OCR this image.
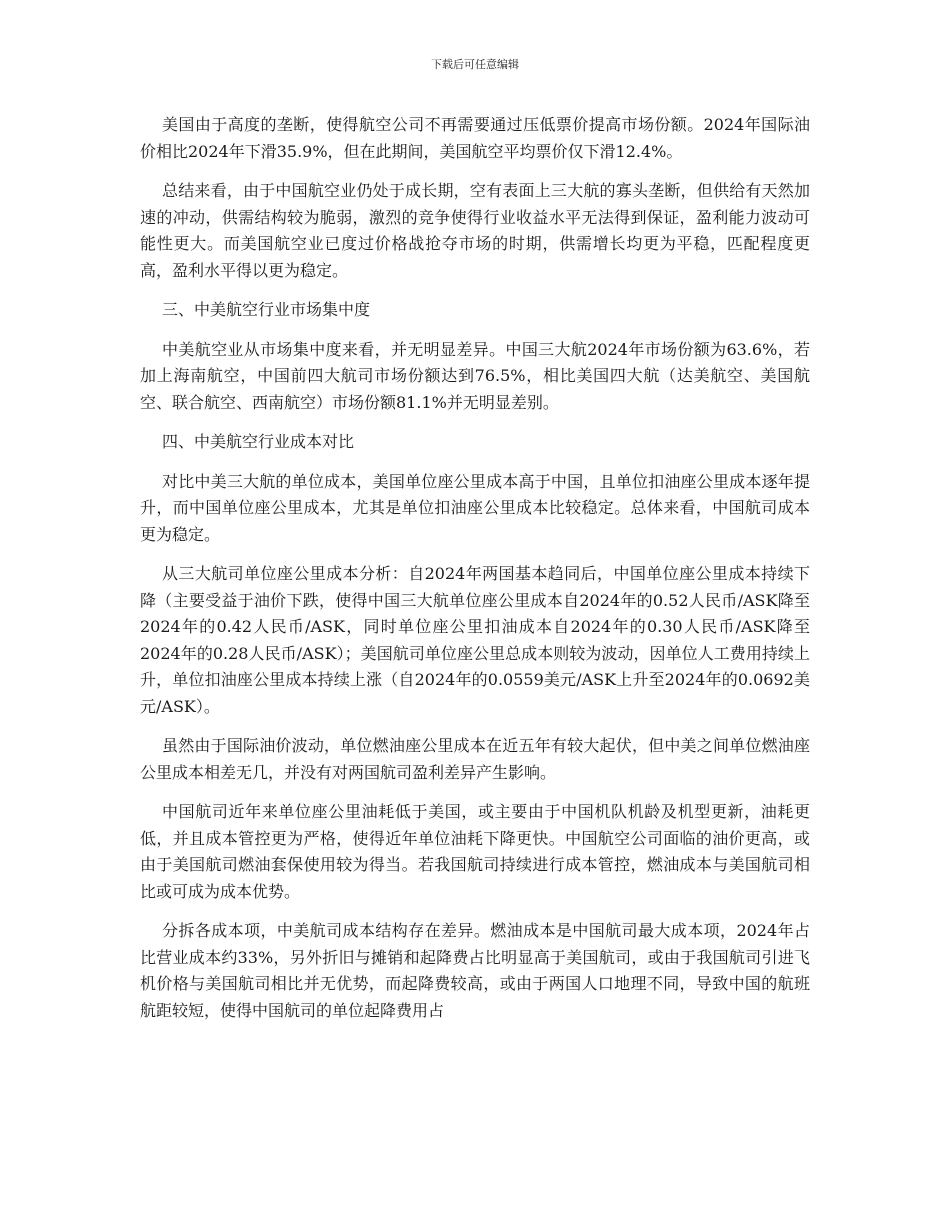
下载后可任意编辑

美国由于高度的垄断，使得航空公司不再需要通过压低票价提高市场份额。2024年国际油价相比2024年下滑35.9%，但在此期间，美国航空平均票价仅下滑12.4%。

总结来看，由于中国航空业仍处于成长期，空有表面上三大航的寡头垄断，但供给有天然加速的冲动，供需结构较为脆弱，激烈的竞争使得行业收益水平无法得到保证，盈利能力波动可能性更大。而美国航空业已度过价格战抢夺市场的时期，供需增长均更为平稳，匹配程度更高，盈利水平得以更为稳定。

三、中美航空行业市场集中度

中美航空业从市场集中度来看，并无明显差异。中国三大航2024年市场份额为63.6%，若加上海南航空，中国前四大航司市场份额达到76.5%，相比美国四大航（达美航空、美国航空、联合航空、西南航空）市场份额81.1%并无明显差别。

四、中美航空行业成本对比

对比中美三大航的单位成本，美国单位座公里成本高于中国，且单位扣油座公里成本逐年提升，而中国单位座公里成本，尤其是单位扣油座公里成本比较稳定。总体来看，中国航司成本更为稳定。

从三大航司单位座公里成本分析：自2024年两国基本趋同后，中国单位座公里成本持续下降（主要受益于油价下跌，使得中国三大航单位座公里成本自2024年的0.52人民币/ASK降至2024年的0.42人民币/ASK，同时单位座公里扣油成本自2024年的0.30人民币/ASK降至2024年的0.28人民币/ASK）；美国航司单位座公里总成本则较为波动，因单位人工费用持续上升，单位扣油座公里成本持续上涨（自2024年的0.0559美元/ASK上升至2024年的0.0692美元/ASK）。

虽然由于国际油价波动，单位燃油座公里成本在近五年有较大起伏，但中美之间单位燃油座公里成本相差无几，并没有对两国航司盈利差异产生影响。

中国航司近年来单位座公里油耗低于美国，或主要由于中国机队机龄及机型更新，油耗更低，并且成本管控更为严格，使得近年单位油耗下降更快。中国航空公司面临的油价更高，或由于美国航司燃油套保使用较为得当。若我国航司持续进行成本管控，燃油成本与美国航司相比或可成为成本优势。

分拆各成本项，中美航司成本结构存在差异。燃油成本是中国航司最大成本项，2024年占比营业成本约33%，另外折旧与摊销和起降费占比明显高于美国航司，或由于我国航司引进飞机价格与美国航司相比并无优势，而起降费较高，或由于两国人口地理不同，导致中国的航班航距较短，使得中国航司的单位起降费用占
